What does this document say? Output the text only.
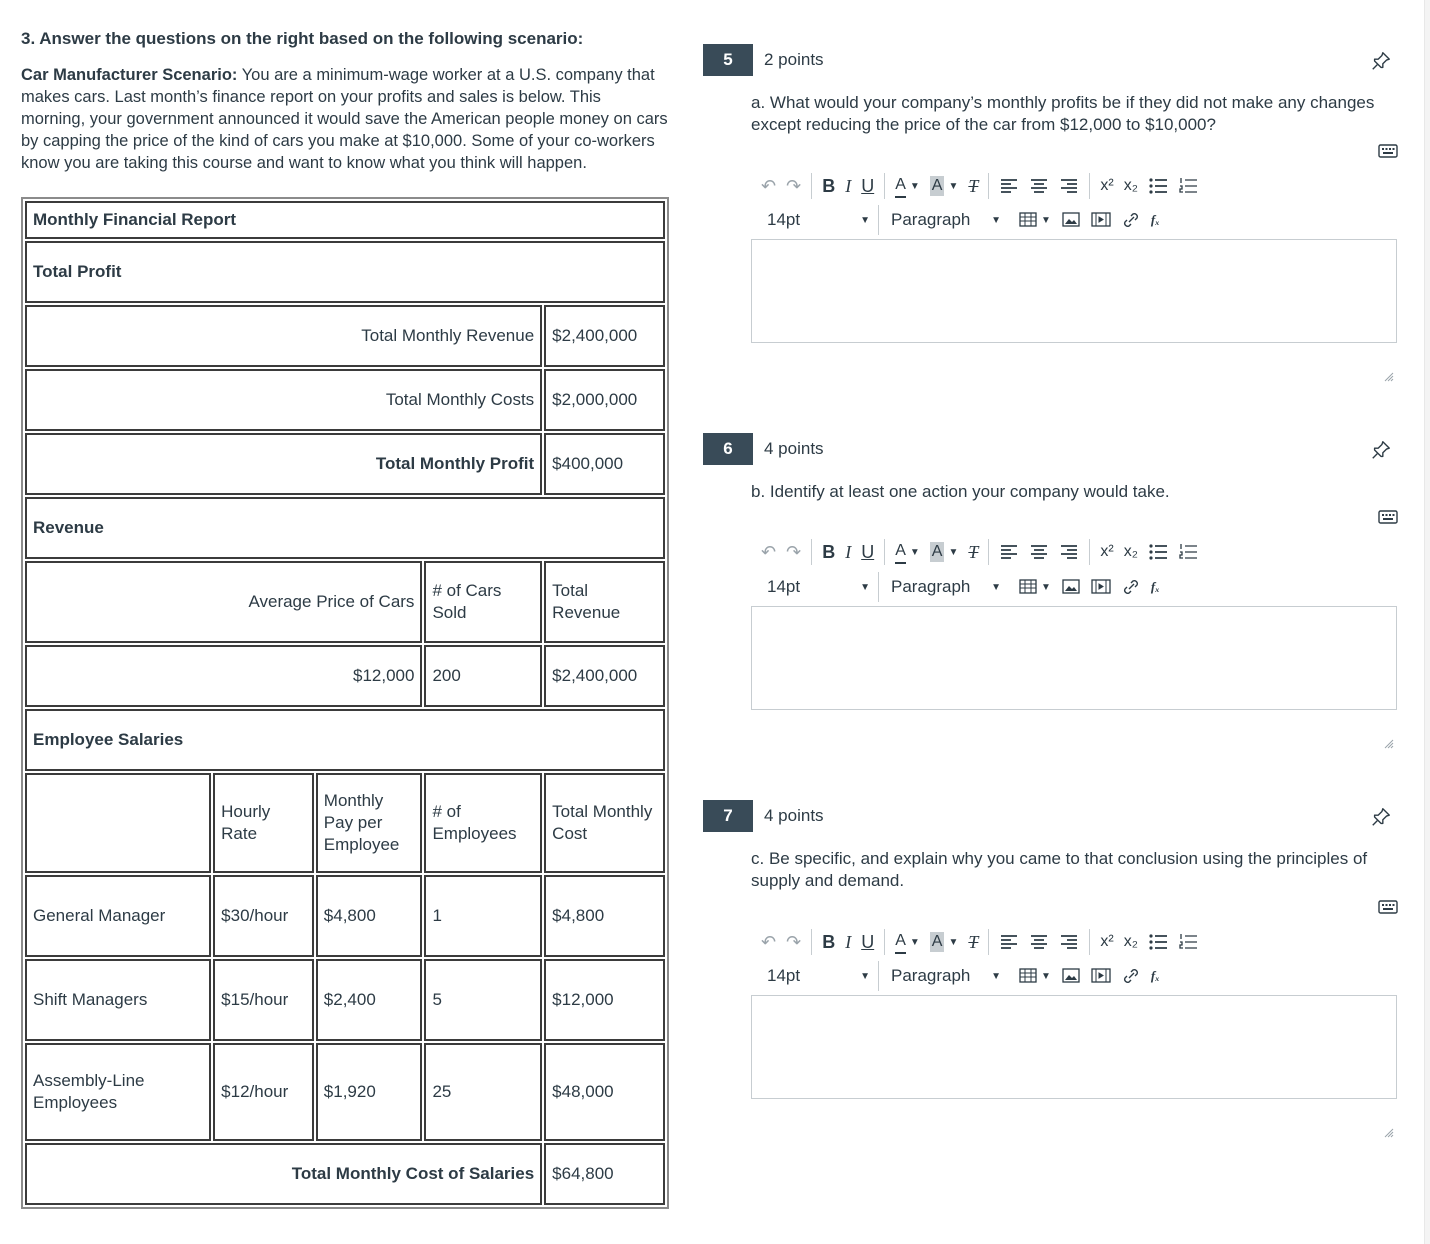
3. Answer the questions on the right based on the following scenario:

Car Manufacturer Scenario: You are a minimum-wage worker at a U.S. company that makes cars. Last month’s finance report on your profits and sales is below. This morning, your government announced it would save the American people money on cars by capping the price of the kind of cars you make at $10,000. Some of your co-workers know you are taking this course and want to know what you think will happen.

Monthly Financial Report				
Total Profit				
Total Monthly Revenue				$2,400,000
Total Monthly Costs				$2,000,000
Total Monthly Profit				$400,000
Revenue				
Average Price of Cars			# of Cars Sold	Total Revenue
$12,000			200	$2,400,000
Employee Salaries				
	Hourly Rate	Monthly Pay per Employee	# of Employees	Total Monthly Cost
General Manager	$30/hour	$4,800	1	$4,800
Shift Managers	$15/hour	$2,400	5	$12,000
Assembly-Line Employees	$12/hour	$1,920	25	$48,000
Total Monthly Cost of Salaries				$64,800
5	2 points
a. What would your company’s monthly profits be if they did not make any changes except reducing the price of the car from $12,000 to $10,000?
↶ ↷ B I U A ▼ A ▼ T	x² x₂
14pt	▼ Paragraph ▼	▼	fₓ
6	4 points
b. Identify at least one action your company would take.
↶ ↷ B I U A ▼ A ▼ T	x² x₂
14pt	▼ Paragraph ▼	▼	fₓ
7	4 points
c. Be specific, and explain why you came to that conclusion using the principles of supply and demand.
↶ ↷ B I U A ▼ A ▼ T	x² x₂
14pt	▼ Paragraph ▼	▼	fₓ
